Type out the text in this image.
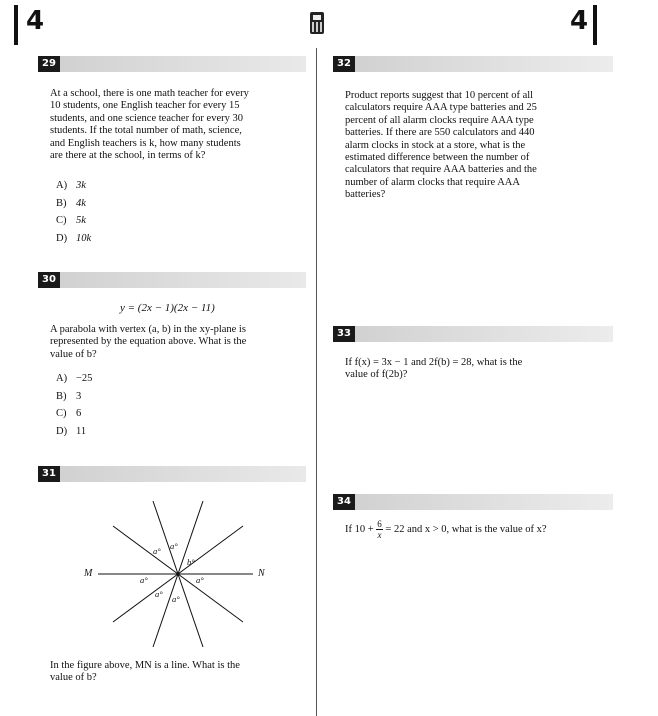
4	4
29
At a school, there is one math teacher for every
10 students, one English teacher for every 15
students, and one science teacher for every 30
students. If the total number of math, science,
and English teachers is k, how many students
are there at the school, in terms of k?
A) 3k
B) 4k
C) 5k
D) 10k
30
y = (2x − 1)(2x − 11)
A parabola with vertex (a, b) in the xy-plane is
represented by the equation above. What is the
value of b?
A) −25
B) 3
C) 6
D) 11
31
M	N
a° a°
b°
a°	a°
a° a°
In the figure above, MN is a line. What is the
value of b?
32
Product reports suggest that 10 percent of all
calculators require AAA type batteries and 25
percent of all alarm clocks require AAA type
batteries. If there are 550 calculators and 440
alarm clocks in stock at a store, what is the
estimated difference between the number of
calculators that require AAA batteries and the
number of alarm clocks that require AAA
batteries?
33
If f(x) = 3x − 1 and 2f(b) = 28, what is the
value of f(2b)?
34
If $10 + \frac{6}{x} = 22$ and x > 0, what is the value of x?
